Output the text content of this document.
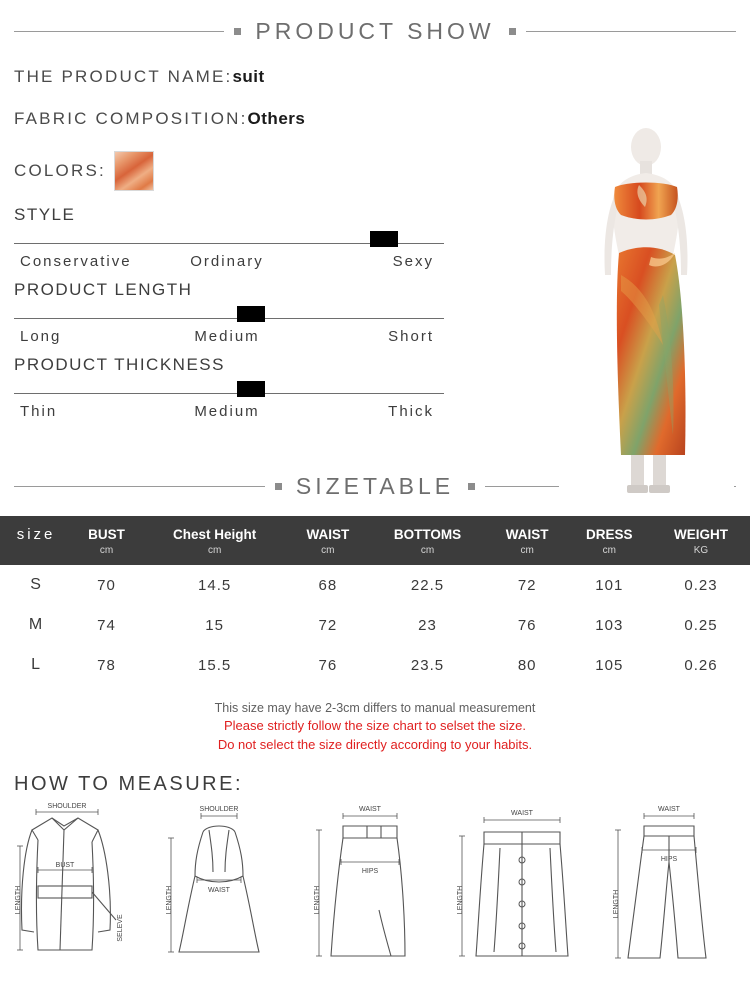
PRODUCT SHOW
THE PRODUCT NAME: suit
FABRIC COMPOSITION: Others
COLORS:
STYLE
Conservative	Ordinary	Sexy
PRODUCT LENGTH
Long	Medium	Short
PRODUCT THICKNESS
Thin	Medium	Thick
SIZETABLE
size	BUST	Chest Height	WAIST	BOTTOMS	WAIST	DRESS	WEIGHT
	cm	cm	cm	cm	cm	cm	KG
S	70	14.5	68	22.5	72	101	0.23
M	74	15	72	23	76	103	0.25
L	78	15.5	76	23.5	80	105	0.26
This size may have 2-3cm differs to manual measurement
Please strictly follow the size chart to selset the size.
Do not select the size directly according to your habits.
HOW TO MEASURE:
SHOULDER
BUST
LENGTH
SELEVE
SHOULDER
WAIST
LENGTH
WAIST
HIPS
LENGTH
WAIST
LENGTH
WAIST
HIPS
LENGTH
